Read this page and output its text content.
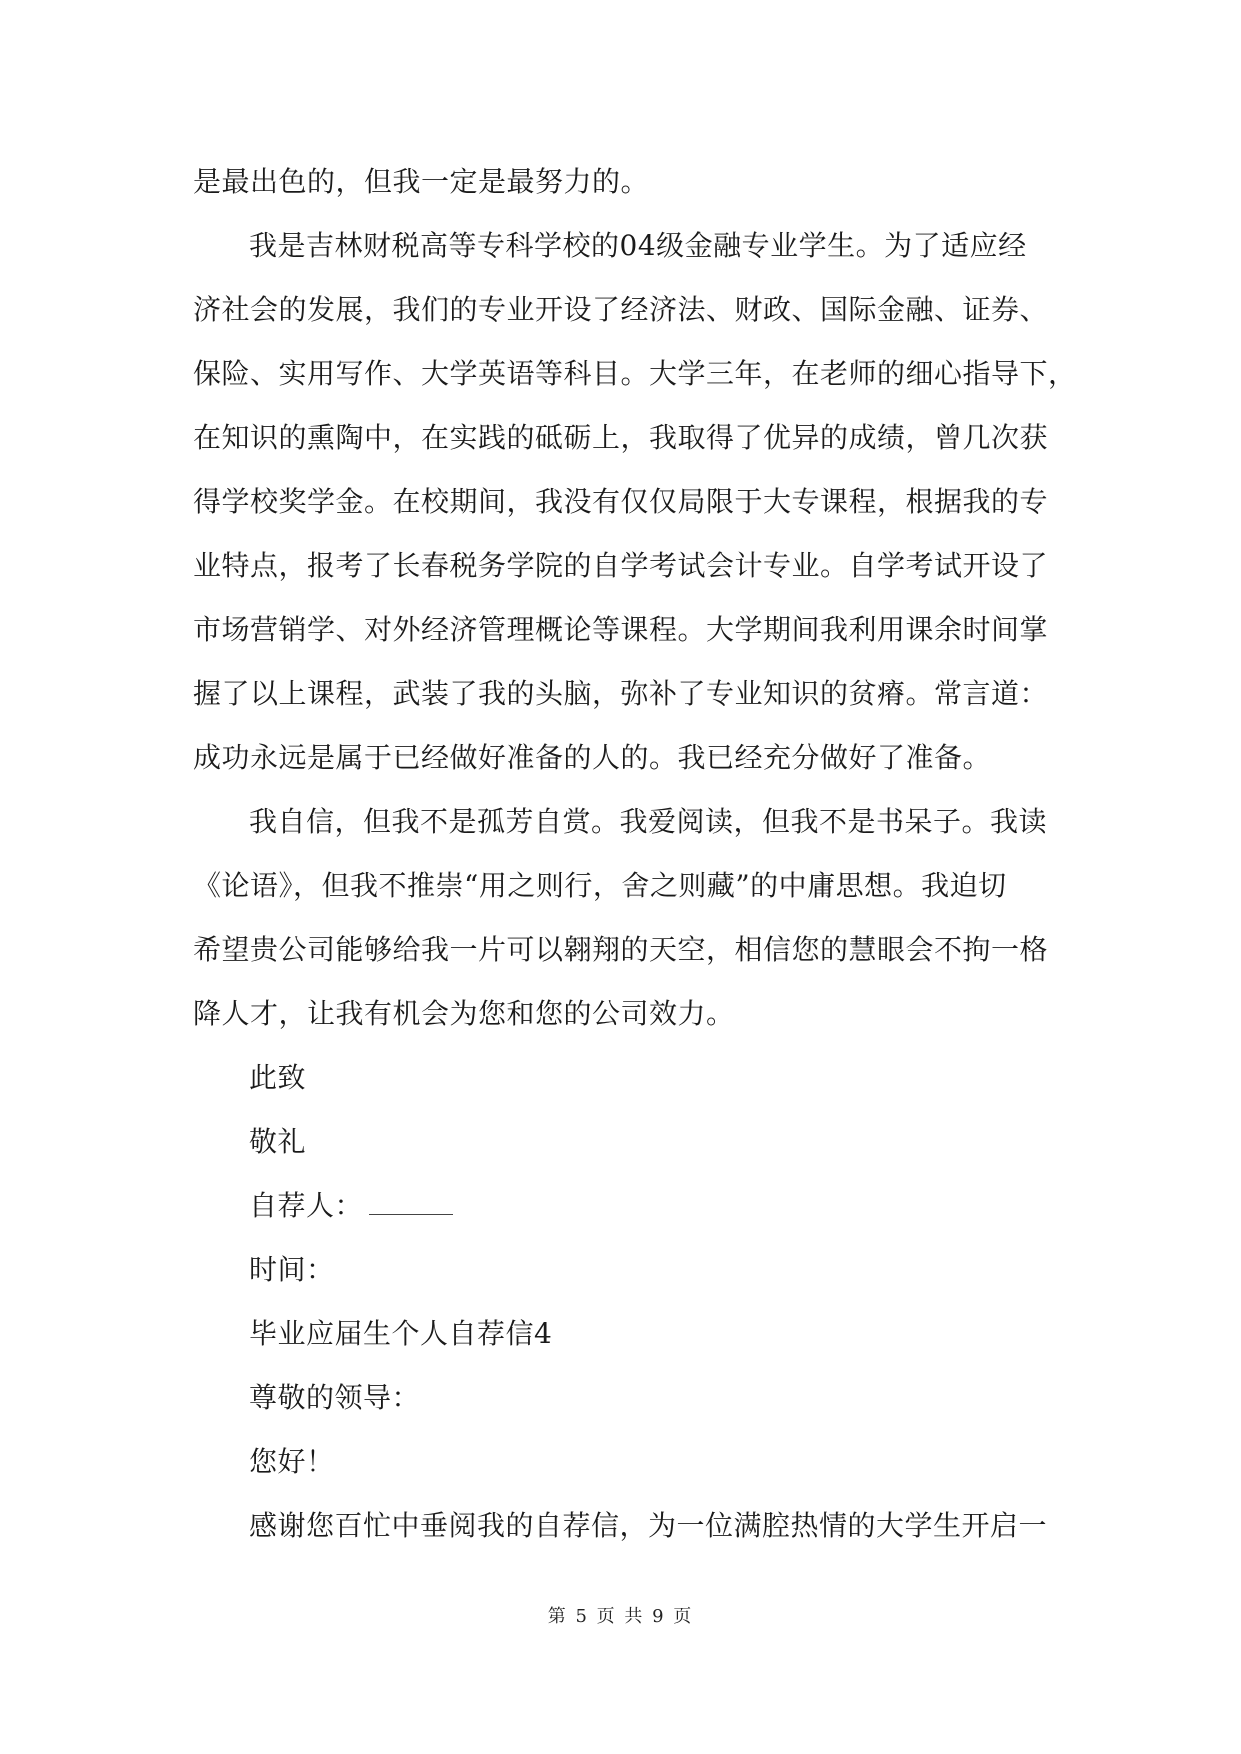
是最出色的，但我一定是最努力的。
我是吉林财税高等专科学校的04级金融专业学生。为了适应经
济社会的发展，我们的专业开设了经济法、财政、国际金融、证券、
保险、实用写作、大学英语等科目。大学三年，在老师的细心指导下，
在知识的熏陶中，在实践的砥砺上，我取得了优异的成绩，曾几次获
得学校奖学金。在校期间，我没有仅仅局限于大专课程，根据我的专
业特点，报考了长春税务学院的自学考试会计专业。自学考试开设了
市场营销学、对外经济管理概论等课程。大学期间我利用课余时间掌
握了以上课程，武装了我的头脑，弥补了专业知识的贫瘠。常言道：
成功永远是属于已经做好准备的人的。我已经充分做好了准备。
我自信，但我不是孤芳自赏。我爱阅读，但我不是书呆子。我读
《论语》，但我不推崇“用之则行，舍之则藏”的中庸思想。我迫切
希望贵公司能够给我一片可以翱翔的天空，相信您的慧眼会不拘一格
降人才，让我有机会为您和您的公司效力。
此致
敬礼
自荐人：
时间：
毕业应届生个人自荐信4
尊敬的领导：
您好！
感谢您百忙中垂阅我的自荐信，为一位满腔热情的大学生开启一
第 5 页 共 9 页
